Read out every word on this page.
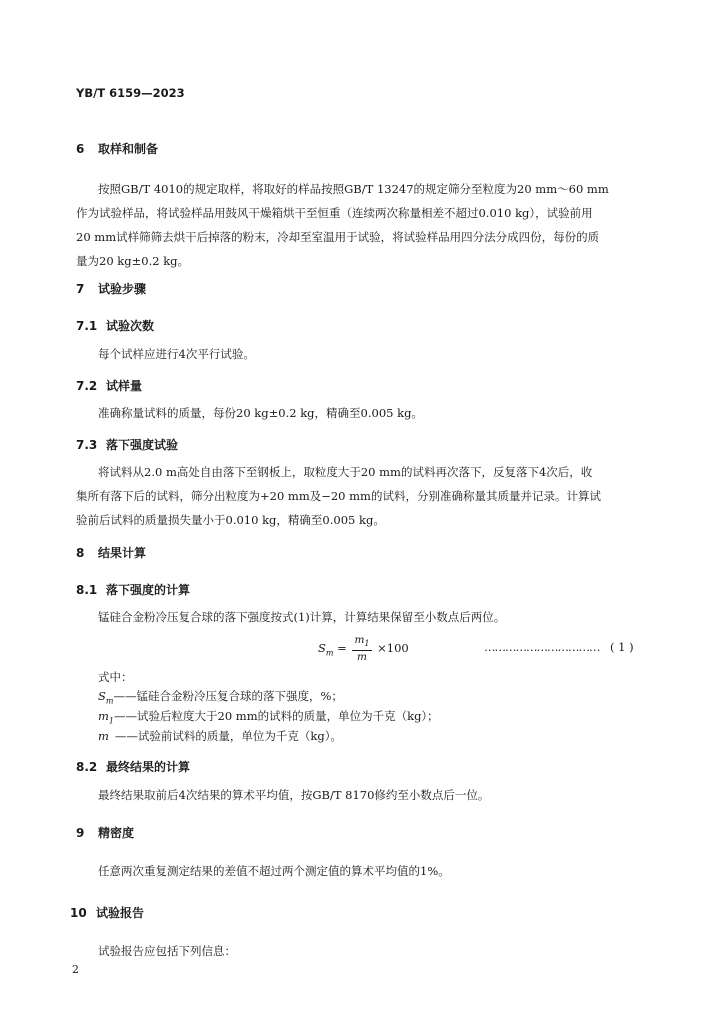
YB/T 6159—2023
6 取样和制备
按照GB/T 4010的规定取样，将取好的样品按照GB/T 13247的规定筛分至粒度为20 mm～60 mm
作为试验样品，将试验样品用鼓风干燥箱烘干至恒重（连续两次称量相差不超过0.010 kg），试验前用
20 mm试样筛筛去烘干后掉落的粉末，冷却至室温用于试验，将试验样品用四分法分成四份，每份的质
量为20 kg±0.2 kg。
7 试验步骤
7.1 试验次数
每个试样应进行4次平行试验。
7.2 试样量
准确称量试料的质量，每份20 kg±0.2 kg，精确至0.005 kg。
7.3 落下强度试验
将试料从2.0 m高处自由落下至钢板上，取粒度大于20 mm的试料再次落下，反复落下4次后，收
集所有落下后的试料，筛分出粒度为+20 mm及−20 mm的试料，分别准确称量其质量并记录。计算试
验前后试料的质量损失量小于0.010 kg，精确至0.005 kg。
8 结果计算
8.1 落下强度的计算
锰硅合金粉冷压复合球的落下强度按式(1)计算，计算结果保留至小数点后两位。
$S_m = \frac{m_1}{m} \times 100$	…………………………… ( 1 )
式中：
$S_m——$锰硅合金粉冷压复合球的落下强度，%；
$m_1——$试验后粒度大于20 mm的试料的质量，单位为千克（kg）；
m ——试验前试料的质量，单位为千克（kg）。
8.2 最终结果的计算
最终结果取前后4次结果的算术平均值，按GB/T 8170修约至小数点后一位。
9 精密度
任意两次重复测定结果的差值不超过两个测定值的算术平均值的1%。
10 试验报告
试验报告应包括下列信息：
2
